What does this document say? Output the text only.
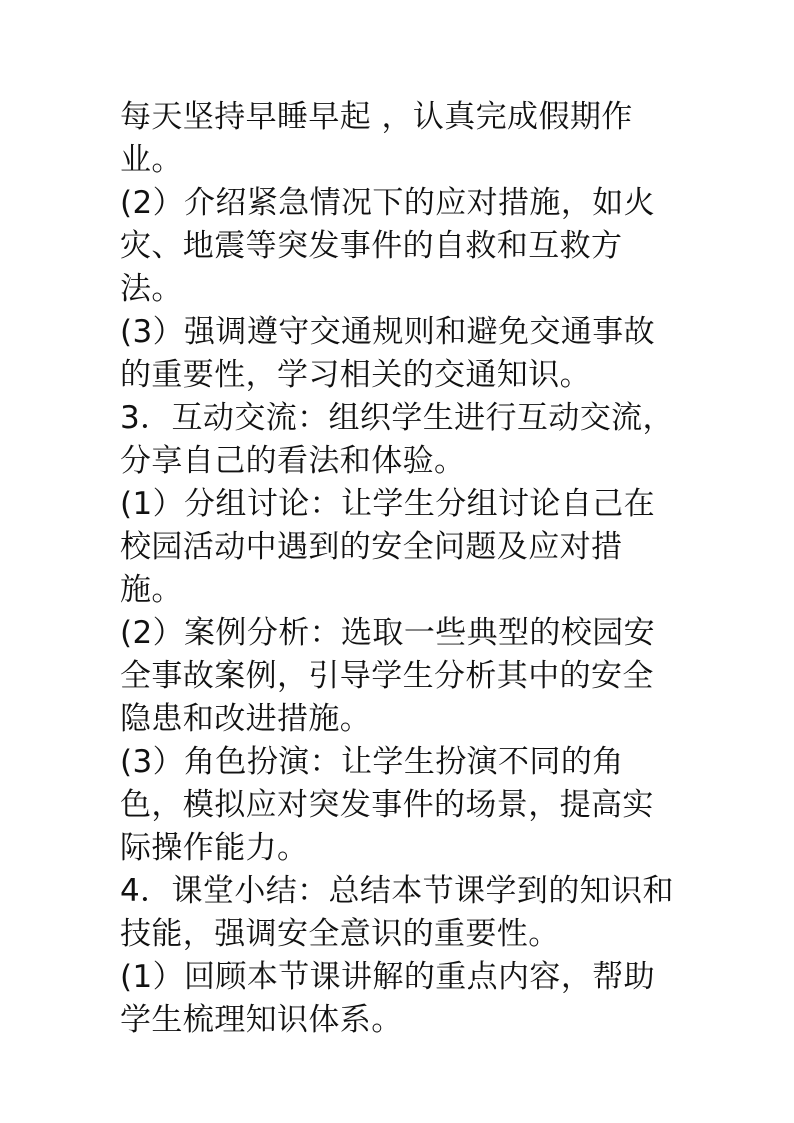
每天坚持早睡早起 ，认真完成假期作业。

(2）介绍紧急情况下的应对措施，如火灾、地震等突发事件的自救和互救方法。

(3）强调遵守交通规则和避免交通事故的重要性，学习相关的交通知识。

3．互动交流：组织学生进行互动交流，分享自己的看法和体验。

(1）分组讨论：让学生分组讨论自己在校园活动中遇到的安全问题及应对措施。

(2）案例分析：选取一些典型的校园安全事故案例，引导学生分析其中的安全隐患和改进措施。

(3）角色扮演：让学生扮演不同的角色，模拟应对突发事件的场景，提高实际操作能力。

4．课堂小结：总结本节课学到的知识和技能，强调安全意识的重要性。

(1）回顾本节课讲解的重点内容，帮助学生梳理知识体系。
